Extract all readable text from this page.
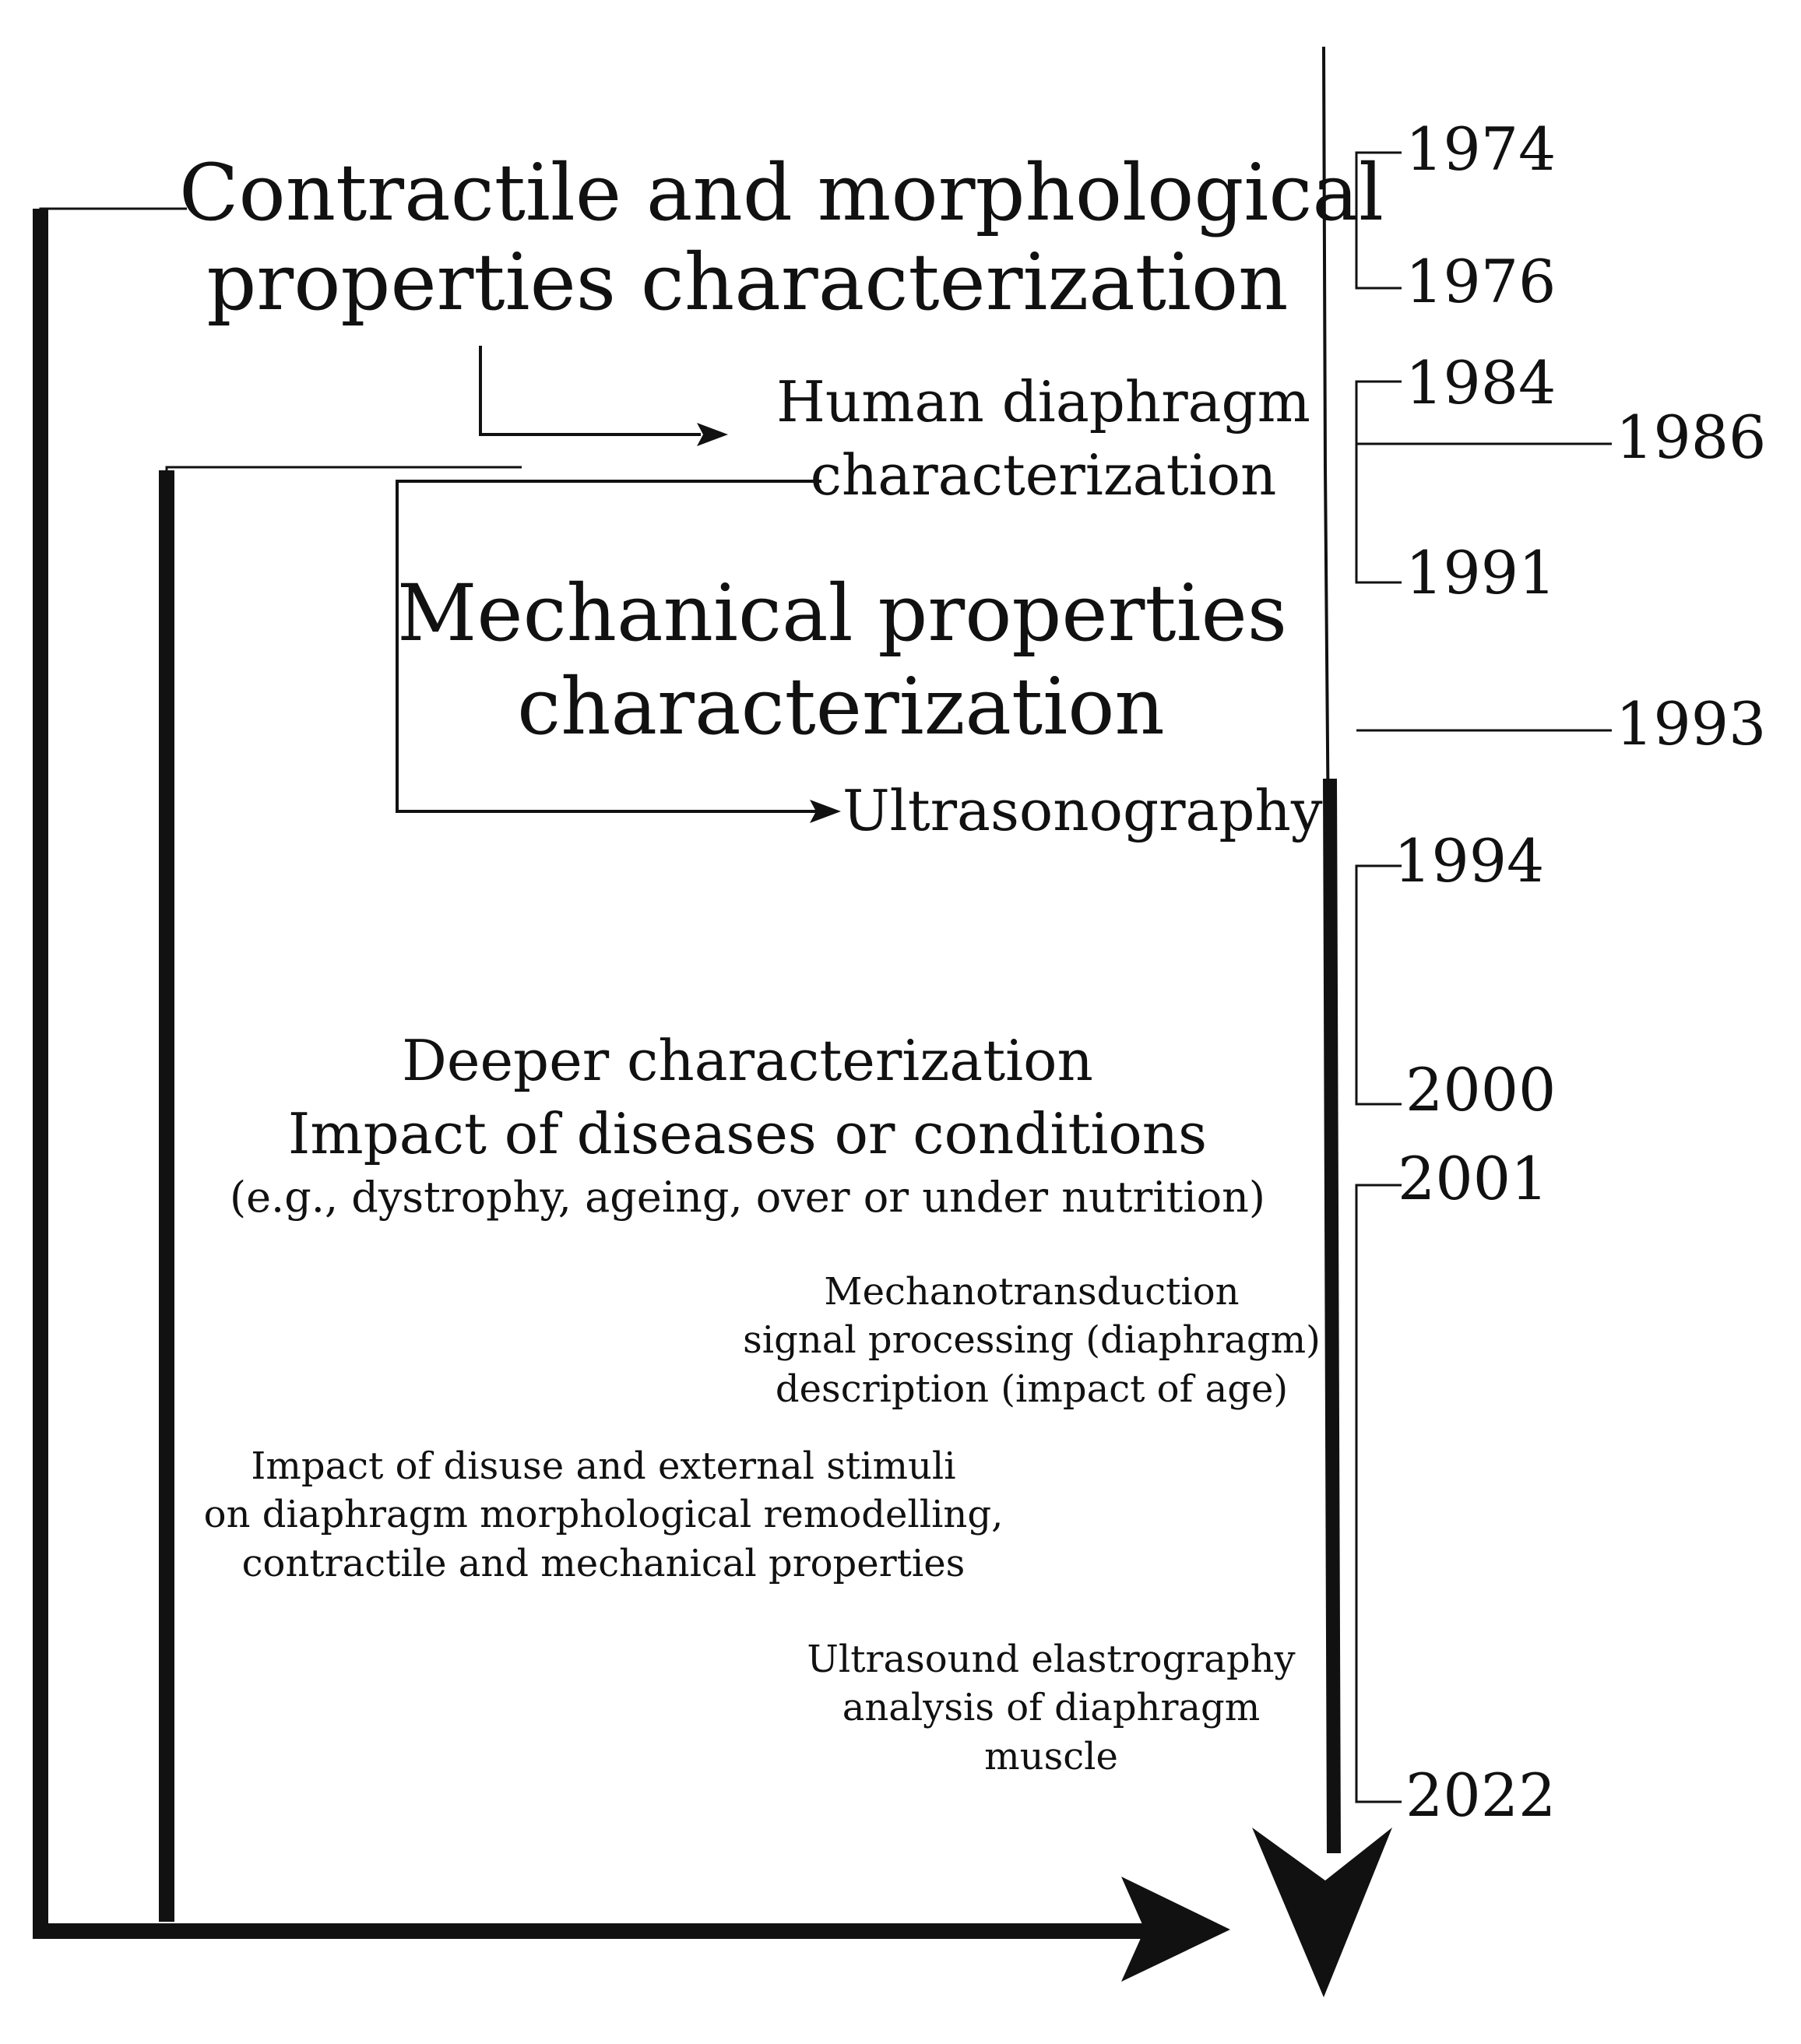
Contractile and morphological
properties characterization
Human diaphragm
characterization
Mechanical properties
characterization
Ultrasonography
Deeper characterization
Impact of diseases or conditions
(e.g., dystrophy, ageing, over or under nutrition)
Mechanotransduction
signal processing (diaphragm)
description (impact of age)
Impact of disuse and external stimuli
on diaphragm morphological remodelling,
contractile and mechanical properties
Ultrasound elastrography
analysis of diaphragm
muscle
1974
1976
1984
1986
1991
1993
1994
2000
2001
2022
